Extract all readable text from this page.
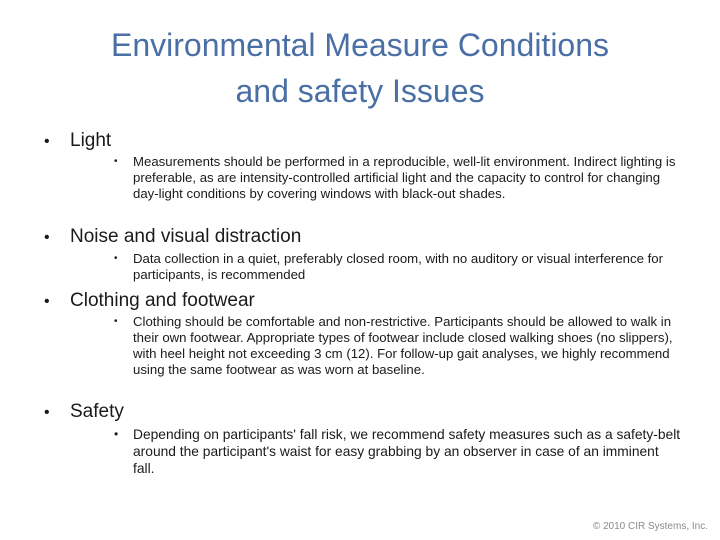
Environmental Measure Conditions
and safety Issues
•	Light
•	Measurements should be performed in a reproducible, well-lit environment. Indirect lighting is preferable, as are intensity-controlled artificial light and the capacity to control for changing day-light conditions by covering windows with black-out shades.
•	Noise and visual distraction
•	Data collection in a quiet, preferably closed room, with no auditory or visual interference for participants, is recommended
•	Clothing and footwear
•	Clothing should be comfortable and non-restrictive. Participants should be allowed to walk in their own footwear. Appropriate types of footwear include closed walking shoes (no slippers), with heel height not exceeding 3 cm (12). For follow-up gait analyses, we highly recommend using the same footwear as was worn at baseline.
•	Safety
•	Depending on participants' fall risk, we recommend safety measures such as a safety-belt around the participant's waist for easy grabbing by an observer in case of an imminent fall.
© 2010 CIR Systems, Inc.
